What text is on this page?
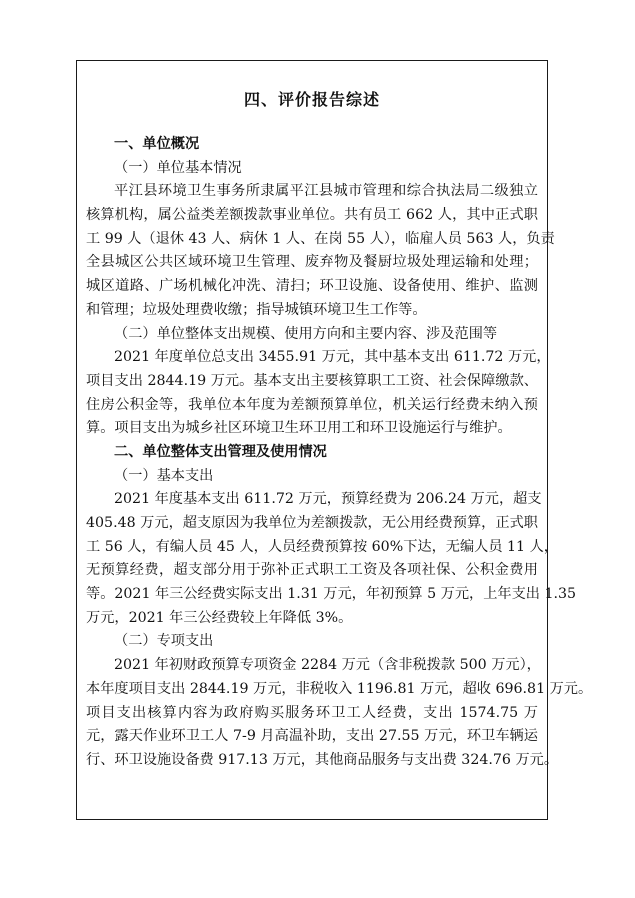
四、评价报告综述
一、单位概况
（一）单位基本情况
平江县环境卫生事务所隶属平江县城市管理和综合执法局二级独立
核算机构，属公益类差额拨款事业单位。共有员工 662 人，其中正式职
工 99 人（退休 43 人、病休 1 人、在岗 55 人），临雇人员 563 人，负责
全县城区公共区域环境卫生管理、废弃物及餐厨垃圾处理运输和处理；
城区道路、广场机械化冲洗、清扫；环卫设施、设备使用、维护、监测
和管理；垃圾处理费收缴；指导城镇环境卫生工作等。
（二）单位整体支出规模、使用方向和主要内容、涉及范围等
2021 年度单位总支出 3455.91 万元，其中基本支出 611.72 万元，
项目支出 2844.19 万元。基本支出主要核算职工工资、社会保障缴款、
住房公积金等，我单位本年度为差额预算单位，机关运行经费未纳入预
算。项目支出为城乡社区环境卫生环卫用工和环卫设施运行与维护。
二、单位整体支出管理及使用情况
（一）基本支出
2021 年度基本支出 611.72 万元，预算经费为 206.24 万元，超支
405.48 万元，超支原因为我单位为差额拨款，无公用经费预算，正式职
工 56 人，有编人员 45 人，人员经费预算按 60%下达，无编人员 11 人，
无预算经费，超支部分用于弥补正式职工工资及各项社保、公积金费用
等。2021 年三公经费实际支出 1.31 万元，年初预算 5 万元，上年支出 1.35
万元，2021 年三公经费较上年降低 3%。
（二）专项支出
2021 年初财政预算专项资金 2284 万元（含非税拨款 500 万元），
本年度项目支出 2844.19 万元，非税收入 1196.81 万元，超收 696.81 万元。
项目支出核算内容为政府购买服务环卫工人经费，支出 1574.75 万
元，露天作业环卫工人 7-9 月高温补助，支出 27.55 万元，环卫车辆运
行、环卫设施设备费 917.13 万元，其他商品服务与支出费 324.76 万元。
